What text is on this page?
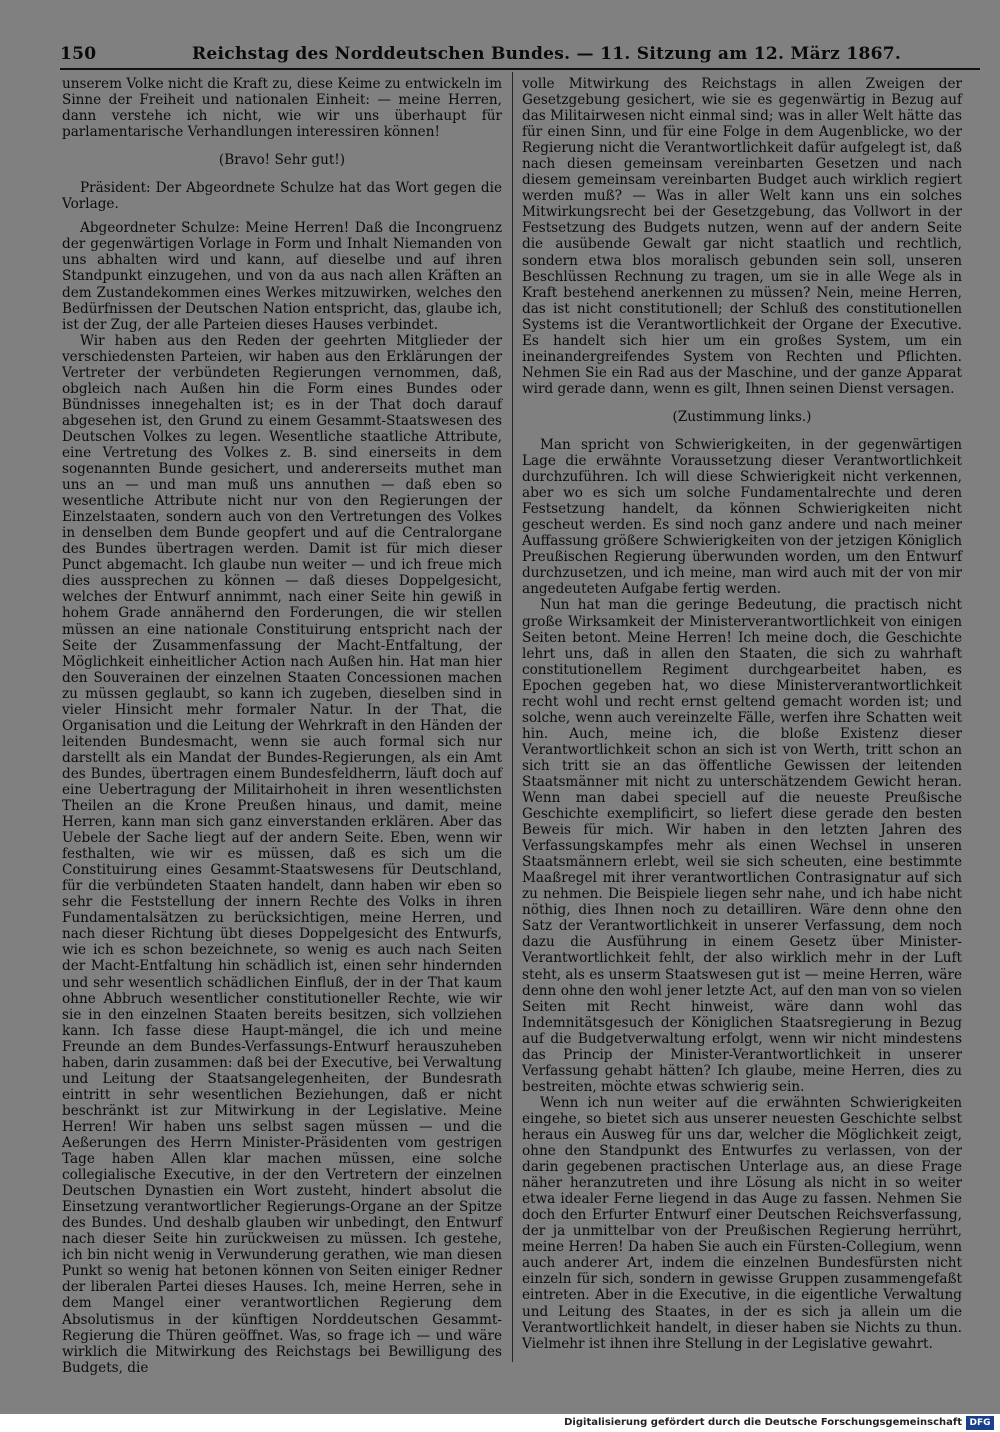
150	Reichstag des Norddeutschen Bundes. — 11. Sitzung am 12. März 1867.

unserem Volke nicht die Kraft zu, diese Keime zu entwickeln im Sinne der Freiheit und nationalen Einheit: — meine Herren, dann verstehe ich nicht, wie wir uns überhaupt für parlamentarische Verhandlungen interessiren können!

(Bravo! Sehr gut!)

Präsident: Der Abgeordnete Schulze hat das Wort gegen die Vorlage.

Abgeordneter Schulze: Meine Herren! Daß die Incongruenz der gegenwärtigen Vorlage in Form und Inhalt Niemanden von uns abhalten wird und kann, auf dieselbe und auf ihren Standpunkt einzugehen, und von da aus nach allen Kräften an dem Zustandekommen eines Werkes mitzuwirken, welches den Bedürfnissen der Deutschen Nation entspricht, das, glaube ich, ist der Zug, der alle Parteien dieses Hauses verbindet.

Wir haben aus den Reden der geehrten Mitglieder der verschiedensten Parteien, wir haben aus den Erklärungen der Vertreter der verbündeten Regierungen vernommen, daß, obgleich nach Außen hin die Form eines Bundes oder Bündnisses innegehalten ist; es in der That doch darauf abgesehen ist, den Grund zu einem Gesammt-Staatswesen des Deutschen Volkes zu legen. Wesentliche staatliche Attribute, eine Vertretung des Volkes z. B. sind einerseits in dem sogenannten Bunde gesichert, und andererseits muthet man uns an — und man muß uns annuthen — daß eben so wesentliche Attribute nicht nur von den Regierungen der Einzelstaaten, sondern auch von den Vertretungen des Volkes in denselben dem Bunde geopfert und auf die Centralorgane des Bundes übertragen werden. Damit ist für mich dieser Punct abgemacht. Ich glaube nun weiter — und ich freue mich dies aussprechen zu können — daß dieses Doppelgesicht, welches der Entwurf annimmt, nach einer Seite hin gewiß in hohem Grade annähernd den Forderungen, die wir stellen müssen an eine nationale Constituirung entspricht nach der Seite der Zusammenfassung der Macht-Entfaltung, der Möglichkeit einheitlicher Action nach Außen hin. Hat man hier den Souverainen der einzelnen Staaten Concessionen machen zu müssen geglaubt, so kann ich zugeben, dieselben sind in vieler Hinsicht mehr formaler Natur. In der That, die Organisation und die Leitung der Wehrkraft in den Händen der leitenden Bundesmacht, wenn sie auch formal sich nur darstellt als ein Mandat der Bundes-Regierungen, als ein Amt des Bundes, übertragen einem Bundesfeldherrn, läuft doch auf eine Uebertragung der Militairhoheit in ihren wesentlichsten Theilen an die Krone Preußen hinaus, und damit, meine Herren, kann man sich ganz einverstanden erklären. Aber das Uebele der Sache liegt auf der andern Seite. Eben, wenn wir festhalten, wie wir es müssen, daß es sich um die Constituirung eines Gesammt-Staatswesens für Deutschland, für die verbündeten Staaten handelt, dann haben wir eben so sehr die Feststellung der innern Rechte des Volks in ihren Fundamentalsätzen zu berücksichtigen, meine Herren, und nach dieser Richtung übt dieses Doppelgesicht des Entwurfs, wie ich es schon bezeichnete, so wenig es auch nach Seiten der Macht-Entfaltung hin schädlich ist, einen sehr hindernden und sehr wesentlich schädlichen Einfluß, der in der That kaum ohne Abbruch wesentlicher constitutioneller Rechte, wie wir sie in den einzelnen Staaten bereits besitzen, sich vollziehen kann. Ich fasse diese Haupt-mängel, die ich und meine Freunde an dem Bundes-Verfassungs-Entwurf herauszuheben haben, darin zusammen: daß bei der Executive, bei Verwaltung und Leitung der Staatsangelegenheiten, der Bundesrath eintritt in sehr wesentlichen Beziehungen, daß er nicht beschränkt ist zur Mitwirkung in der Legislative. Meine Herren! Wir haben uns selbst sagen müssen — und die Aeßerungen des Herrn Minister-Präsidenten vom gestrigen Tage haben Allen klar machen müssen, eine solche collegialische Executive, in der den Vertretern der einzelnen Deutschen Dynastien ein Wort zusteht, hindert absolut die Einsetzung verantwortlicher Regierungs-Organe an der Spitze des Bundes. Und deshalb glauben wir unbedingt, den Entwurf nach dieser Seite hin zurückweisen zu müssen. Ich gestehe, ich bin nicht wenig in Verwunderung gerathen, wie man diesen Punkt so wenig hat betonen können von Seiten einiger Redner der liberalen Partei dieses Hauses. Ich, meine Herren, sehe in dem Mangel einer verantwortlichen Regierung dem Absolutismus in der künftigen Norddeutschen Gesammt-Regierung die Thüren geöffnet. Was, so frage ich — und wäre wirklich die Mitwirkung des Reichstags bei Bewilligung des Budgets, die

volle Mitwirkung des Reichstags in allen Zweigen der Gesetzgebung gesichert, wie sie es gegenwärtig in Bezug auf das Militairwesen nicht einmal sind; was in aller Welt hätte das für einen Sinn, und für eine Folge in dem Augenblicke, wo der Regierung nicht die Verantwortlichkeit dafür aufgelegt ist, daß nach diesen gemeinsam vereinbarten Gesetzen und nach diesem gemeinsam vereinbarten Budget auch wirklich regiert werden muß? — Was in aller Welt kann uns ein solches Mitwirkungsrecht bei der Gesetzgebung, das Vollwort in der Festsetzung des Budgets nutzen, wenn auf der andern Seite die ausübende Gewalt gar nicht staatlich und rechtlich, sondern etwa blos moralisch gebunden sein soll, unseren Beschlüssen Rechnung zu tragen, um sie in alle Wege als in Kraft bestehend anerkennen zu müssen? Nein, meine Herren, das ist nicht constitutionell; der Schluß des constitutionellen Systems ist die Verantwortlichkeit der Organe der Executive. Es handelt sich hier um ein großes System, um ein ineinandergreifendes System von Rechten und Pflichten. Nehmen Sie ein Rad aus der Maschine, und der ganze Apparat wird gerade dann, wenn es gilt, Ihnen seinen Dienst versagen.

(Zustimmung links.)

Man spricht von Schwierigkeiten, in der gegenwärtigen Lage die erwähnte Voraussetzung dieser Verantwortlichkeit durchzuführen. Ich will diese Schwierigkeit nicht verkennen, aber wo es sich um solche Fundamentalrechte und deren Festsetzung handelt, da können Schwierigkeiten nicht gescheut werden. Es sind noch ganz andere und nach meiner Auffassung größere Schwierigkeiten von der jetzigen Königlich Preußischen Regierung überwunden worden, um den Entwurf durchzusetzen, und ich meine, man wird auch mit der von mir angedeuteten Aufgabe fertig werden.

Nun hat man die geringe Bedeutung, die practisch nicht große Wirksamkeit der Ministerverantwortlichkeit von einigen Seiten betont. Meine Herren! Ich meine doch, die Geschichte lehrt uns, daß in allen den Staaten, die sich zu wahrhaft constitutionellem Regiment durchgearbeitet haben, es Epochen gegeben hat, wo diese Ministerverantwortlichkeit recht wohl und recht ernst geltend gemacht worden ist; und solche, wenn auch vereinzelte Fälle, werfen ihre Schatten weit hin. Auch, meine ich, die bloße Existenz dieser Verantwortlichkeit schon an sich ist von Werth, tritt schon an sich tritt sie an das öffentliche Gewissen der leitenden Staatsmänner mit nicht zu unterschätzendem Gewicht heran. Wenn man dabei speciell auf die neueste Preußische Geschichte exemplificirt, so liefert diese gerade den besten Beweis für mich. Wir haben in den letzten Jahren des Verfassungskampfes mehr als einen Wechsel in unseren Staatsmännern erlebt, weil sie sich scheuten, eine bestimmte Maaßregel mit ihrer verantwortlichen Contrasignatur auf sich zu nehmen. Die Beispiele liegen sehr nahe, und ich habe nicht nöthig, dies Ihnen noch zu detailliren. Wäre denn ohne den Satz der Verantwortlichkeit in unserer Verfassung, dem noch dazu die Ausführung in einem Gesetz über Minister-Verantwortlichkeit fehlt, der also wirklich mehr in der Luft steht, als es unserm Staatswesen gut ist — meine Herren, wäre denn ohne den wohl jener letzte Act, auf den man von so vielen Seiten mit Recht hinweist, wäre dann wohl das Indemnitätsgesuch der Königlichen Staatsregierung in Bezug auf die Budgetverwaltung erfolgt, wenn wir nicht mindestens das Princip der Minister-Verantwortlichkeit in unserer Verfassung gehabt hätten? Ich glaube, meine Herren, dies zu bestreiten, möchte etwas schwierig sein.

Wenn ich nun weiter auf die erwähnten Schwierigkeiten eingehe, so bietet sich aus unserer neuesten Geschichte selbst heraus ein Ausweg für uns dar, welcher die Möglichkeit zeigt, ohne den Standpunkt des Entwurfes zu verlassen, von der darin gegebenen practischen Unterlage aus, an diese Frage näher heranzutreten und ihre Lösung als nicht in so weiter etwa idealer Ferne liegend in das Auge zu fassen. Nehmen Sie doch den Erfurter Entwurf einer Deutschen Reichsverfassung, der ja unmittelbar von der Preußischen Regierung herrührt, meine Herren! Da haben Sie auch ein Fürsten-Collegium, wenn auch anderer Art, indem die einzelnen Bundesfürsten nicht einzeln für sich, sondern in gewisse Gruppen zusammengefaßt eintreten. Aber in die Executive, in die eigentliche Verwaltung und Leitung des Staates, in der es sich ja allein um die Verantwortlichkeit handelt, in dieser haben sie Nichts zu thun. Vielmehr ist ihnen ihre Stellung in der Legislative gewahrt.

Digitalisierung gefördert durch die Deutsche Forschungsgemeinschaft DFG
